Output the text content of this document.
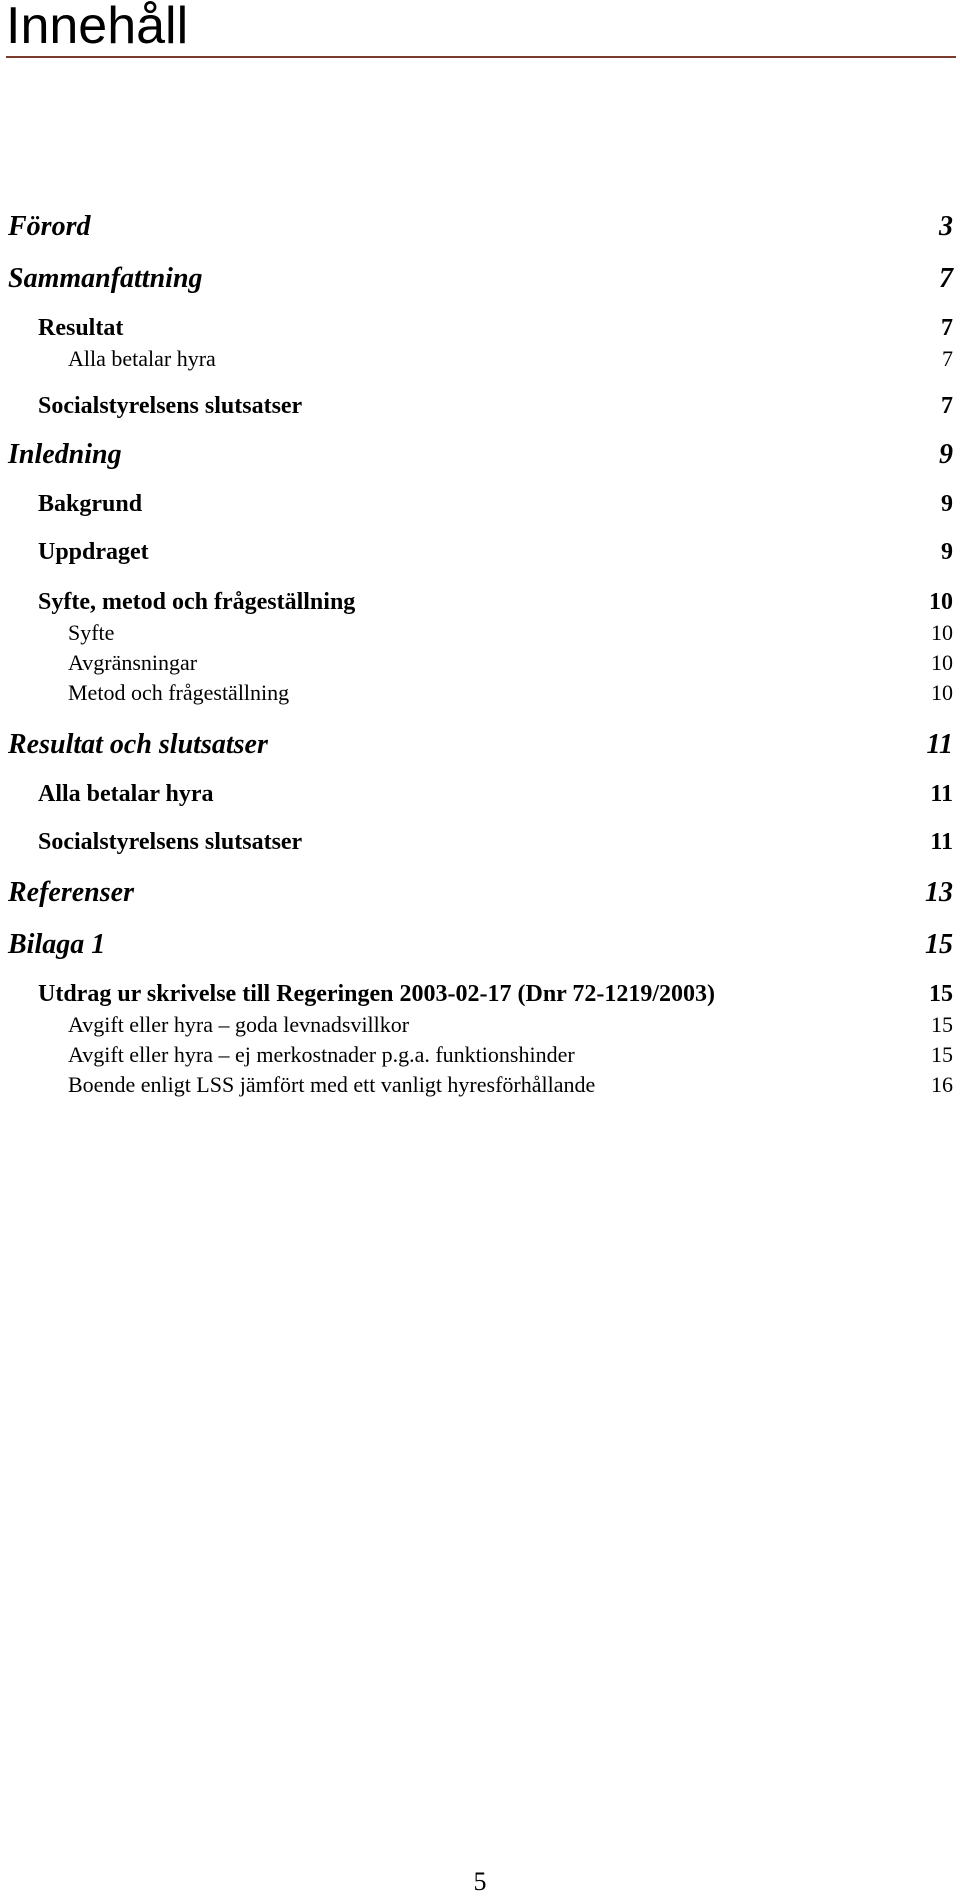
Innehåll
Förord	3
Sammanfattning	7
Resultat	7
Alla betalar hyra	7
Socialstyrelsens slutsatser	7
Inledning	9
Bakgrund	9
Uppdraget	9
Syfte, metod och frågeställning	10
Syfte	10
Avgränsningar	10
Metod och frågeställning	10
Resultat och slutsatser	11
Alla betalar hyra	11
Socialstyrelsens slutsatser	11
Referenser	13
Bilaga 1	15
Utdrag ur skrivelse till Regeringen 2003-02-17 (Dnr 72-1219/2003)	15
Avgift eller hyra – goda levnadsvillkor	15
Avgift eller hyra – ej merkostnader p.g.a. funktionshinder	15
Boende enligt LSS jämfört med ett vanligt hyresförhållande	16
5
